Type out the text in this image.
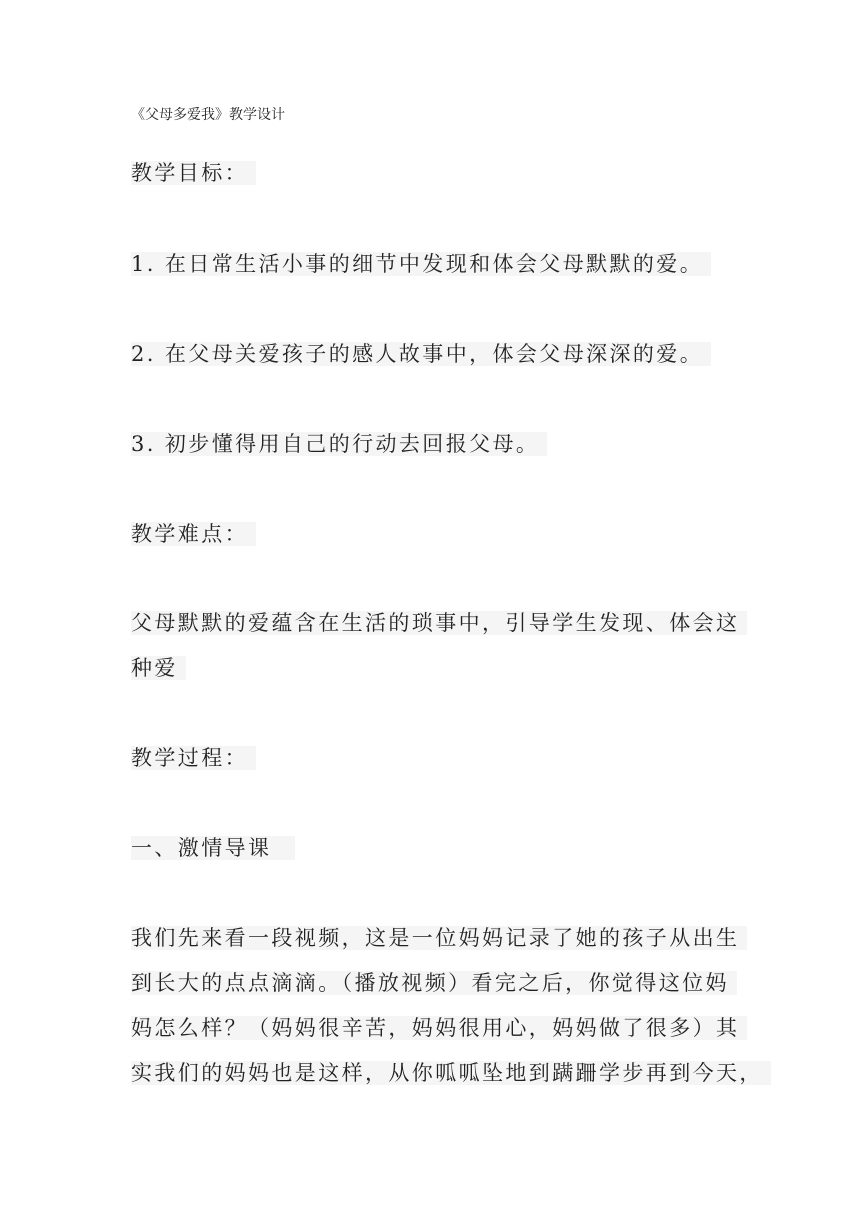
《父母多爱我》教学设计
教学目标：
1. 在日常生活小事的细节中发现和体会父母默默的爱。
2. 在父母关爱孩子的感人故事中，体会父母深深的爱。
3. 初步懂得用自己的行动去回报父母。
教学难点：
父母默默的爱蕴含在生活的琐事中，引导学生发现、体会这
种爱
教学过程：
一、激情导课
我们先来看一段视频，这是一位妈妈记录了她的孩子从出生
到长大的点点滴滴。（播放视频）看完之后，你觉得这位妈
妈怎么样？（妈妈很辛苦，妈妈很用心，妈妈做了很多）其
实我们的妈妈也是这样，从你呱呱坠地到蹒跚学步再到今天，
